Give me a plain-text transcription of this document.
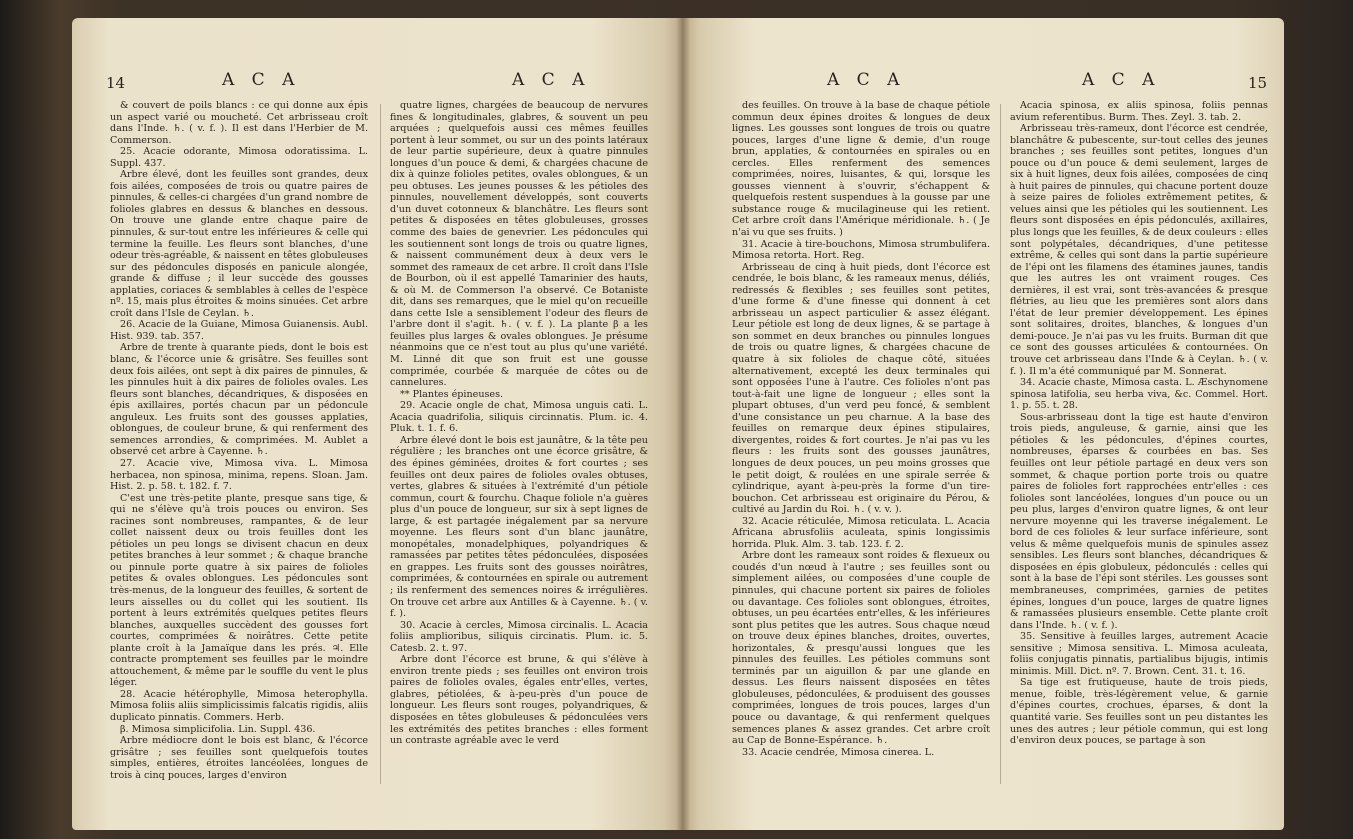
14	A C A	A C A

& couvert de poils blancs : ce qui donne aux épis un aspect varié ou moucheté. Cet arbrisseau croît dans l'Inde. ♄. ( v. f. ). Il est dans l'Herbier de M. Commerson.

25. Acacie odorante, Mimosa odoratissima. L. Suppl. 437.

Arbre élevé, dont les feuilles sont grandes, deux fois ailées, composées de trois ou quatre paires de pinnules, & celles-ci chargées d'un grand nombre de folioles glabres en dessus & blanches en dessous. On trouve une glande entre chaque paire de pinnules, & sur-tout entre les inférieures & celle qui termine la feuille. Les fleurs sont blanches, d'une odeur très-agréable, & naissent en têtes globuleuses sur des pédoncules disposés en panicule alongée, grande & diffuse ; il leur succède des gousses applaties, coriaces & semblables à celles de l'espèce nº. 15, mais plus étroites & moins sinuées. Cet arbre croît dans l'Isle de Ceylan. ♄.

26. Acacie de la Guiane, Mimosa Guianensis. Aubl. Hist. 939. tab. 357.

Arbre de trente à quarante pieds, dont le bois est blanc, & l'écorce unie & grisâtre. Ses feuilles sont deux fois ailées, ont sept à dix paires de pinnules, & les pinnules huit à dix paires de folioles ovales. Les fleurs sont blanches, décandriques, & disposées en épis axillaires, portés chacun par un pédoncule anguleux. Les fruits sont des gousses applaties, oblongues, de couleur brune, & qui renferment des semences arrondies, & comprimées. M. Aublet a observé cet arbre à Cayenne. ♄.

27. Acacie vive, Mimosa viva. L. Mimosa herbacea, non spinosa, minima, repens. Sloan. Jam. Hist. 2. p. 58. t. 182. f. 7.

C'est une très-petite plante, presque sans tige, & qui ne s'élève qu'à trois pouces ou environ. Ses racines sont nombreuses, rampantes, & de leur collet naissent deux ou trois feuilles dont les pétioles un peu longs se divisent chacun en deux petites branches à leur sommet ; & chaque branche ou pinnule porte quatre à six paires de folioles petites & ovales oblongues. Les pédoncules sont très-menus, de la longueur des feuilles, & sortent de leurs aisselles ou du collet qui les soutient. Ils portent à leurs extrémités quelques petites fleurs blanches, auxquelles succèdent des gousses fort courtes, comprimées & noirâtres. Cette petite plante croît à la Jamaïque dans les prés. ♃. Elle contracte promptement ses feuilles par le moindre attouchement, & même par le souffle du vent le plus léger.

28. Acacie hétérophylle, Mimosa heterophylla. Mimosa foliis aliis simplicissimis falcatis rigidis, aliis duplicato pinnatis. Commers. Herb.

β. Mimosa simplicifolia. Lin. Suppl. 436.

Arbre médiocre dont le bois est blanc, & l'écorce grisâtre ; ses feuilles sont quelquefois toutes simples, entières, étroites lancéolées, longues de trois à cinq pouces, larges d'environ

quatre lignes, chargées de beaucoup de nervures fines & longitudinales, glabres, & souvent un peu arquées ; quelquefois aussi ces mêmes feuilles portent à leur sommet, ou sur un des points latéraux de leur partie supérieure, deux à quatre pinnules longues d'un pouce & demi, & chargées chacune de dix à quinze folioles petites, ovales oblongues, & un peu obtuses. Les jeunes pousses & les pétioles des pinnules, nouvellement développés, sont couverts d'un duvet cotonneux & blanchâtre. Les fleurs sont petites & disposées en têtes globuleuses, grosses comme des baies de genevrier. Les pédoncules qui les soutiennent sont longs de trois ou quatre lignes, & naissent communément deux à deux vers le sommet des rameaux de cet arbre. Il croît dans l'Isle de Bourbon, où il est appellé Tamarinier des hauts, & où M. de Commerson l'a observé. Ce Botaniste dit, dans ses remarques, que le miel qu'on recueille dans cette Isle a sensiblement l'odeur des fleurs de l'arbre dont il s'agit. ♄. ( v. f. ). La plante β a les feuilles plus larges & ovales oblongues. Je présume néanmoins que ce n'est tout au plus qu'une variété. M. Linné dit que son fruit est une gousse comprimée, courbée & marquée de côtes ou de cannelures.

** Plantes épineuses.

29. Acacie ongle de chat, Mimosa unguis cati. L. Acacia quadrifolia, siliquis circinnatis. Plum. ic. 4. Pluk. t. 1. f. 6.

Arbre élevé dont le bois est jaunâtre, & la tête peu régulière ; les branches ont une écorce grisâtre, & des épines géminées, droites & fort courtes ; ses feuilles ont deux paires de folioles ovales obtuses, vertes, glabres & situées à l'extrémité d'un pétiole commun, court & fourchu. Chaque foliole n'a guères plus d'un pouce de longueur, sur six à sept lignes de large, & est partagée inégalement par sa nervure moyenne. Les fleurs sont d'un blanc jaunâtre, monopétales, monadelphiques, polyandriques & ramassées par petites têtes pédonculées, disposées en grappes. Les fruits sont des gousses noirâtres, comprimées, & contournées en spirale ou autrement ; ils renferment des semences noires & irrégulières. On trouve cet arbre aux Antilles & à Cayenne. ♄. ( v. f. ).

30. Acacie à cercles, Mimosa circinalis. L. Acacia foliis amplioribus, siliquis circinatis. Plum. ic. 5. Catesb. 2. t. 97.

Arbre dont l'écorce est brune, & qui s'élève à environ trente pieds ; ses feuilles ont environ trois paires de folioles ovales, égales entr'elles, vertes, glabres, pétiolées, & à-peu-près d'un pouce de longueur. Les fleurs sont rouges, polyandriques, & disposées en têtes globuleuses & pédonculées vers les extrémités des petites branches : elles forment un contraste agréable avec le verd

A C A	A C A	15

des feuilles. On trouve à la base de chaque pétiole commun deux épines droites & longues de deux lignes. Les gousses sont longues de trois ou quatre pouces, larges d'une ligne & demie, d'un rouge brun, applaties, & contournées en spirales ou en cercles. Elles renferment des semences comprimées, noires, luisantes, & qui, lorsque les gousses viennent à s'ouvrir, s'échappent & quelquefois restent suspendues à la gousse par une substance rouge & mucilagineuse qui les retient. Cet arbre croît dans l'Amérique méridionale. ♄. ( Je n'ai vu que ses fruits. )

31. Acacie à tire-bouchons, Mimosa strumbulifera. Mimosa retorta. Hort. Reg.

Arbrisseau de cinq à huit pieds, dont l'écorce est cendrée, le bois blanc, & les rameaux menus, déliés, redressés & flexibles ; ses feuilles sont petites, d'une forme & d'une finesse qui donnent à cet arbrisseau un aspect particulier & assez élégant. Leur pétiole est long de deux lignes, & se partage à son sommet en deux branches ou pinnules longues de trois ou quatre lignes, & chargées chacune de quatre à six folioles de chaque côté, situées alternativement, excepté les deux terminales qui sont opposées l'une à l'autre. Ces folioles n'ont pas tout-à-fait une ligne de longueur ; elles sont la plupart obtuses, d'un verd peu foncé, & semblent d'une consistance un peu charnue. A la base des feuilles on remarque deux épines stipulaires, divergentes, roides & fort courtes. Je n'ai pas vu les fleurs : les fruits sont des gousses jaunâtres, longues de deux pouces, un peu moins grosses que le petit doigt, & roulées en une spirale serrée & cylindrique, ayant à-peu-près la forme d'un tire-bouchon. Cet arbrisseau est originaire du Pérou, & cultivé au Jardin du Roi. ♄. ( v. v. ).

32. Acacie réticulée, Mimosa reticulata. L. Acacia Africana abrusfoliis aculeata, spinis longissimis horrida. Pluk. Alm. 3. tab. 123. f. 2.

Arbre dont les rameaux sont roides & flexueux ou coudés d'un nœud à l'autre ; ses feuilles sont ou simplement ailées, ou composées d'une couple de pinnules, qui chacune portent six paires de folioles ou davantage. Ces folioles sont oblongues, étroites, obtuses, un peu écartées entr'elles, & les inférieures sont plus petites que les autres. Sous chaque nœud on trouve deux épines blanches, droites, ouvertes, horizontales, & presqu'aussi longues que les pinnules des feuilles. Les pétioles communs sont terminés par un aiguillon & par une glande en dessus. Les fleurs naissent disposées en têtes globuleuses, pédonculées, & produisent des gousses comprimées, longues de trois pouces, larges d'un pouce ou davantage, & qui renferment quelques semences planes & assez grandes. Cet arbre croît au Cap de Bonne-Espérance. ♄.

33. Acacie cendrée, Mimosa cinerea. L.

Acacia spinosa, ex aliis spinosa, foliis pennas avium referentibus. Burm. Thes. Zeyl. 3. tab. 2.

Arbrisseau très-rameux, dont l'écorce est cendrée, blanchâtre & pubescente, sur-tout celles des jeunes branches ; ses feuilles sont petites, longues d'un pouce ou d'un pouce & demi seulement, larges de six à huit lignes, deux fois ailées, composées de cinq à huit paires de pinnules, qui chacune portent douze à seize paires de folioles extrêmement petites, & velues ainsi que les pétioles qui les soutiennent. Les fleurs sont disposées en épis pédonculés, axillaires, plus longs que les feuilles, & de deux couleurs : elles sont polypétales, décandriques, d'une petitesse extrême, & celles qui sont dans la partie supérieure de l'épi ont les filamens des étamines jaunes, tandis que les autres les ont vraiment rouges. Ces dernières, il est vrai, sont très-avancées & presque flétries, au lieu que les premières sont alors dans l'état de leur premier développement. Les épines sont solitaires, droites, blanches, & longues d'un demi-pouce. Je n'ai pas vu les fruits. Burman dit que ce sont des gousses articulées & contournées. On trouve cet arbrisseau dans l'Inde & à Ceylan. ♄. ( v. f. ). Il m'a été communiqué par M. Sonnerat.

34. Acacie chaste, Mimosa casta. L. Æschynomene spinosa latifolia, seu herba viva, &c. Commel. Hort. 1. p. 55. t. 28.

Sous-arbrisseau dont la tige est haute d'environ trois pieds, anguleuse, & garnie, ainsi que les pétioles & les pédoncules, d'épines courtes, nombreuses, éparses & courbées en bas. Ses feuilles ont leur pétiole partagé en deux vers son sommet, & chaque portion porte trois ou quatre paires de folioles fort rapprochées entr'elles : ces folioles sont lancéolées, longues d'un pouce ou un peu plus, larges d'environ quatre lignes, & ont leur nervure moyenne qui les traverse inégalement. Le bord de ces folioles & leur surface inférieure, sont velus & même quelquefois munis de spinules assez sensibles. Les fleurs sont blanches, décandriques & disposées en épis globuleux, pédonculés : celles qui sont à la base de l'épi sont stériles. Les gousses sont membraneuses, comprimées, garnies de petites épines, longues d'un pouce, larges de quatre lignes & ramassées plusieurs ensemble. Cette plante croît dans l'Inde. ♄. ( v. f. ).

35. Sensitive à feuilles larges, autrement Acacie sensitive ; Mimosa sensitiva. L. Mimosa aculeata, foliis conjugatis pinnatis, partialibus bijugis, intimis minimis. Mill. Dict. nº. 7. Brown. Cent. 31. t. 16.

Sa tige est frutiqueuse, haute de trois pieds, menue, foible, très-légèrement velue, & garnie d'épines courtes, crochues, éparses, & dont la quantité varie. Ses feuilles sont un peu distantes les unes des autres ; leur pétiole commun, qui est long d'environ deux pouces, se partage à son
